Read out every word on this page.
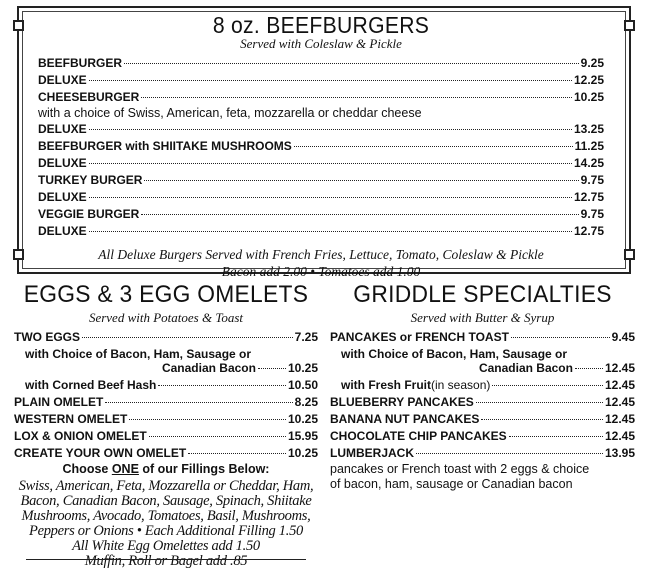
8 oz. BEEFBURGERS
Served with Coleslaw & Pickle
BEEFBURGER	9.25
DELUXE	12.25
CHEESEBURGER	10.25
with a choice of Swiss, American, feta, mozzarella or cheddar cheese
DELUXE	13.25
BEEFBURGER with SHIITAKE MUSHROOMS	11.25
DELUXE	14.25
TURKEY BURGER	9.75
DELUXE	12.75
VEGGIE BURGER	9.75
DELUXE	12.75
All Deluxe Burgers Served with French Fries, Lettuce, Tomato, Coleslaw & Pickle
Bacon add 2.00 • Tomatoes add 1.00
EGGS & 3 EGG OMELETS
Served with Potatoes & Toast
TWO EGGS	7.25
with Choice of Bacon, Ham, Sausage or
Canadian Bacon	10.25
with Corned Beef Hash	10.50
PLAIN OMELET	8.25
WESTERN OMELET	10.25
LOX & ONION OMELET	15.95
CREATE YOUR OWN OMELET	10.25
Choose ONE of our Fillings Below:
Swiss, American, Feta, Mozzarella or Cheddar, Ham, Bacon, Canadian Bacon, Sausage, Spinach, Shiitake Mushrooms, Avocado, Tomatoes, Basil, Mushrooms, Peppers or Onions • Each Additional Filling 1.50
All White Egg Omelettes add 1.50
Muffin, Roll or Bagel add .85
GRIDDLE SPECIALTIES
Served with Butter & Syrup
PANCAKES or FRENCH TOAST	9.45
with Choice of Bacon, Ham, Sausage or
Canadian Bacon	12.45
with Fresh Fruit (in season)	12.45
BLUEBERRY PANCAKES	12.45
BANANA NUT PANCAKES	12.45
CHOCOLATE CHIP PANCAKES	12.45
LUMBERJACK	13.95
pancakes or French toast with 2 eggs & choice
of bacon, ham, sausage or Canadian bacon
